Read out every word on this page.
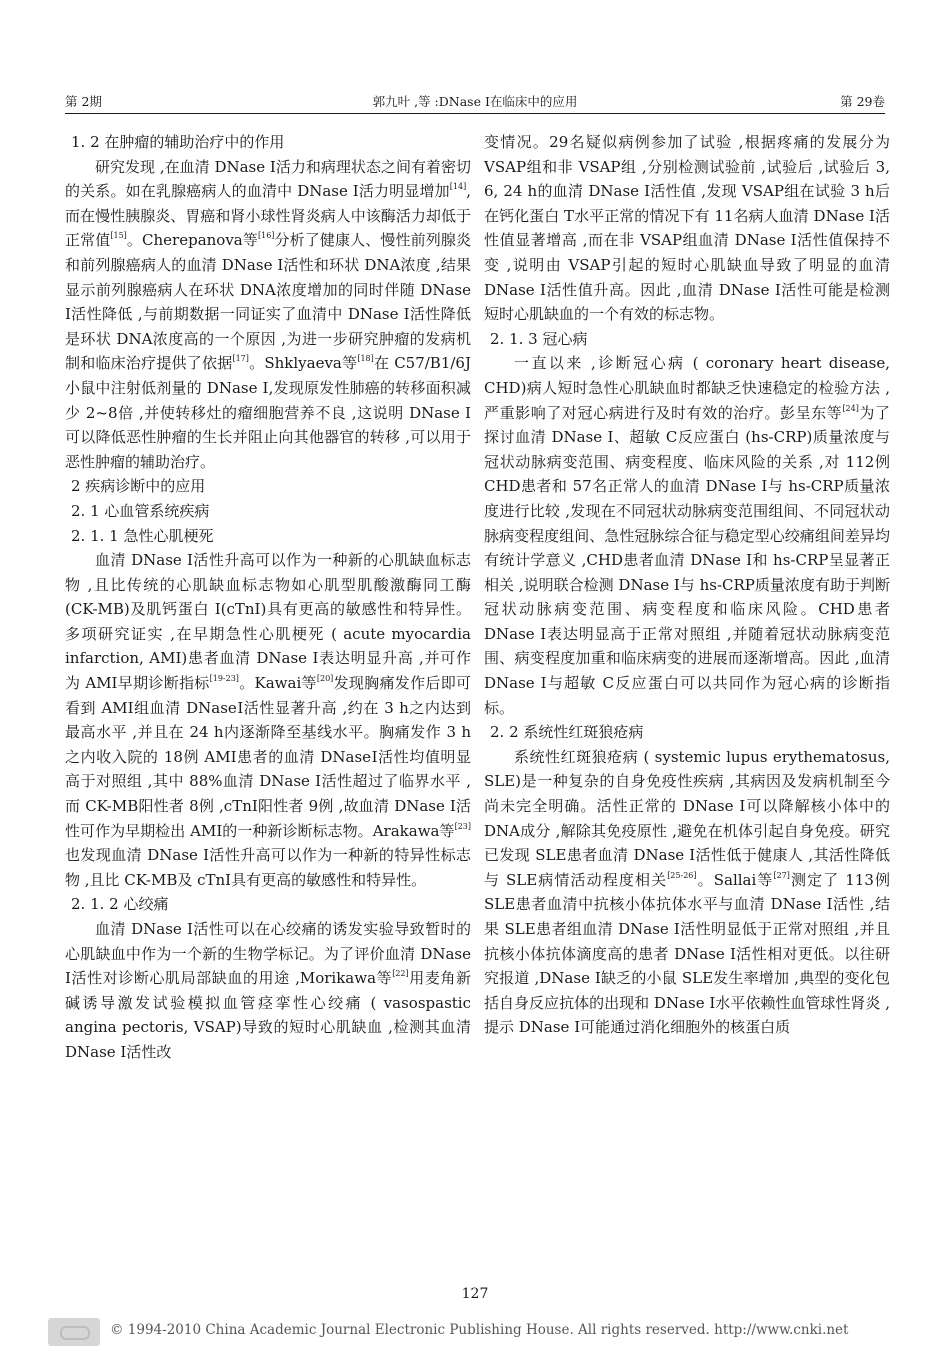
第 2期	郭九叶 ,等 :DNase Ⅰ在临床中的应用	第 29卷

1. 2 在肿瘤的辅助治疗中的作用

研究发现 ,在血清 DNase Ⅰ活力和病理状态之间有着密切的关系。如在乳腺癌病人的血清中 DNase Ⅰ活力明显增加[14],而在慢性胰腺炎、胃癌和肾小球性肾炎病人中该酶活力却低于正常值[15]。Cherepanova等[16]分析了健康人、慢性前列腺炎和前列腺癌病人的血清 DNase Ⅰ活性和环状 DNA浓度 ,结果显示前列腺癌病人在环状 DNA浓度增加的同时伴随 DNase Ⅰ活性降低 ,与前期数据一同证实了血清中 DNase Ⅰ活性降低是环状 DNA浓度高的一个原因 ,为进一步研究肿瘤的发病机制和临床治疗提供了依据[17]。Shklyaeva等[18]在 C57/B1/6J小鼠中注射低剂量的 DNase Ⅰ,发现原发性肺癌的转移面积减少 2~8倍 ,并使转移灶的瘤细胞营养不良 ,这说明 DNase Ⅰ可以降低恶性肿瘤的生长并阻止向其他器官的转移 ,可以用于恶性肿瘤的辅助治疗。

2 疾病诊断中的应用

2. 1 心血管系统疾病

2. 1. 1 急性心肌梗死

血清 DNase Ⅰ活性升高可以作为一种新的心肌缺血标志物 ,且比传统的心肌缺血标志物如心肌型肌酸激酶同工酶 (CK-MB)及肌钙蛋白 I(cTnI)具有更高的敏感性和特异性。多项研究证实 ,在早期急性心肌梗死 ( acute myocardia infarction, AMI)患者血清 DNase Ⅰ表达明显升高 ,并可作为 AMI早期诊断指标[19-23]。Kawai等[20]发现胸痛发作后即可看到 AMI组血清 DNaseⅠ活性显著升高 ,约在 3 h之内达到最高水平 ,并且在 24 h内逐渐降至基线水平。胸痛发作 3 h之内收入院的 18例 AMI患者的血清 DNaseⅠ活性均值明显高于对照组 ,其中 88%血清 DNase Ⅰ活性超过了临界水平 ,而 CK-MB阳性者 8例 ,cTnI阳性者 9例 ,故血清 DNase Ⅰ活性可作为早期检出 AMI的一种新诊断标志物。Arakawa等[23]也发现血清 DNase Ⅰ活性升高可以作为一种新的特异性标志物 ,且比 CK-MB及 cTnI具有更高的敏感性和特异性。

2. 1. 2 心绞痛

血清 DNase Ⅰ活性可以在心绞痛的诱发实验导致暂时的心肌缺血中作为一个新的生物学标记。为了评价血清 DNase Ⅰ活性对诊断心肌局部缺血的用途 ,Morikawa等[22]用麦角新碱诱导激发试验模拟血管痉挛性心绞痛 ( vasospastic angina pectoris, VSAP)导致的短时心肌缺血 ,检测其血清 DNase Ⅰ活性改

变情况。29名疑似病例参加了试验 ,根据疼痛的发展分为 VSAP组和非 VSAP组 ,分别检测试验前 ,试验后 ,试验后 3, 6, 24 h的血清 DNase Ⅰ活性值 ,发现 VSAP组在试验 3 h后在钙化蛋白 T水平正常的情况下有 11名病人血清 DNase Ⅰ活性值显著增高 ,而在非 VSAP组血清 DNase Ⅰ活性值保持不变 ,说明由 VSAP引起的短时心肌缺血导致了明显的血清 DNase Ⅰ活性值升高。因此 ,血清 DNase Ⅰ活性可能是检测短时心肌缺血的一个有效的标志物。

2. 1. 3 冠心病

一直以来 ,诊断冠心病 ( coronary heart disease, CHD)病人短时急性心肌缺血时都缺乏快速稳定的检验方法 ,严重影响了对冠心病进行及时有效的治疗。彭呈东等[24]为了探讨血清 DNase Ⅰ、超敏 C反应蛋白 (hs-CRP)质量浓度与冠状动脉病变范围、病变程度、临床风险的关系 ,对 112例 CHD患者和 57名正常人的血清 DNase Ⅰ与 hs-CRP质量浓度进行比较 ,发现在不同冠状动脉病变范围组间、不同冠状动脉病变程度组间、急性冠脉综合征与稳定型心绞痛组间差异均有统计学意义 ,CHD患者血清 DNase Ⅰ和 hs-CRP呈显著正相关 ,说明联合检测 DNase Ⅰ与 hs-CRP质量浓度有助于判断冠状动脉病变范围、病变程度和临床风险。CHD患者 DNase Ⅰ表达明显高于正常对照组 ,并随着冠状动脉病变范围、病变程度加重和临床病变的进展而逐渐增高。因此 ,血清 DNase Ⅰ与超敏 C反应蛋白可以共同作为冠心病的诊断指标。

2. 2 系统性红斑狼疮病

系统性红斑狼疮病 ( systemic lupus erythematosus, SLE)是一种复杂的自身免疫性疾病 ,其病因及发病机制至今尚未完全明确。活性正常的 DNase Ⅰ可以降解核小体中的 DNA成分 ,解除其免疫原性 ,避免在机体引起自身免疫。研究已发现 SLE患者血清 DNase Ⅰ活性低于健康人 ,其活性降低与 SLE病情活动程度相关[25-26]。Sallai等[27]测定了 113例 SLE患者血清中抗核小体抗体水平与血清 DNase Ⅰ活性 ,结果 SLE患者组血清 DNase Ⅰ活性明显低于正常对照组 ,并且抗核小体抗体滴度高的患者 DNase Ⅰ活性相对更低。以往研究报道 ,DNase Ⅰ缺乏的小鼠 SLE发生率增加 ,典型的变化包括自身反应抗体的出现和 DNase Ⅰ水平依赖性血管球性肾炎 ,提示 DNase Ⅰ可能通过消化细胞外的核蛋白质

127
© 1994-2010 China Academic Journal Electronic Publishing House. All rights reserved. http://www.cnki.net
